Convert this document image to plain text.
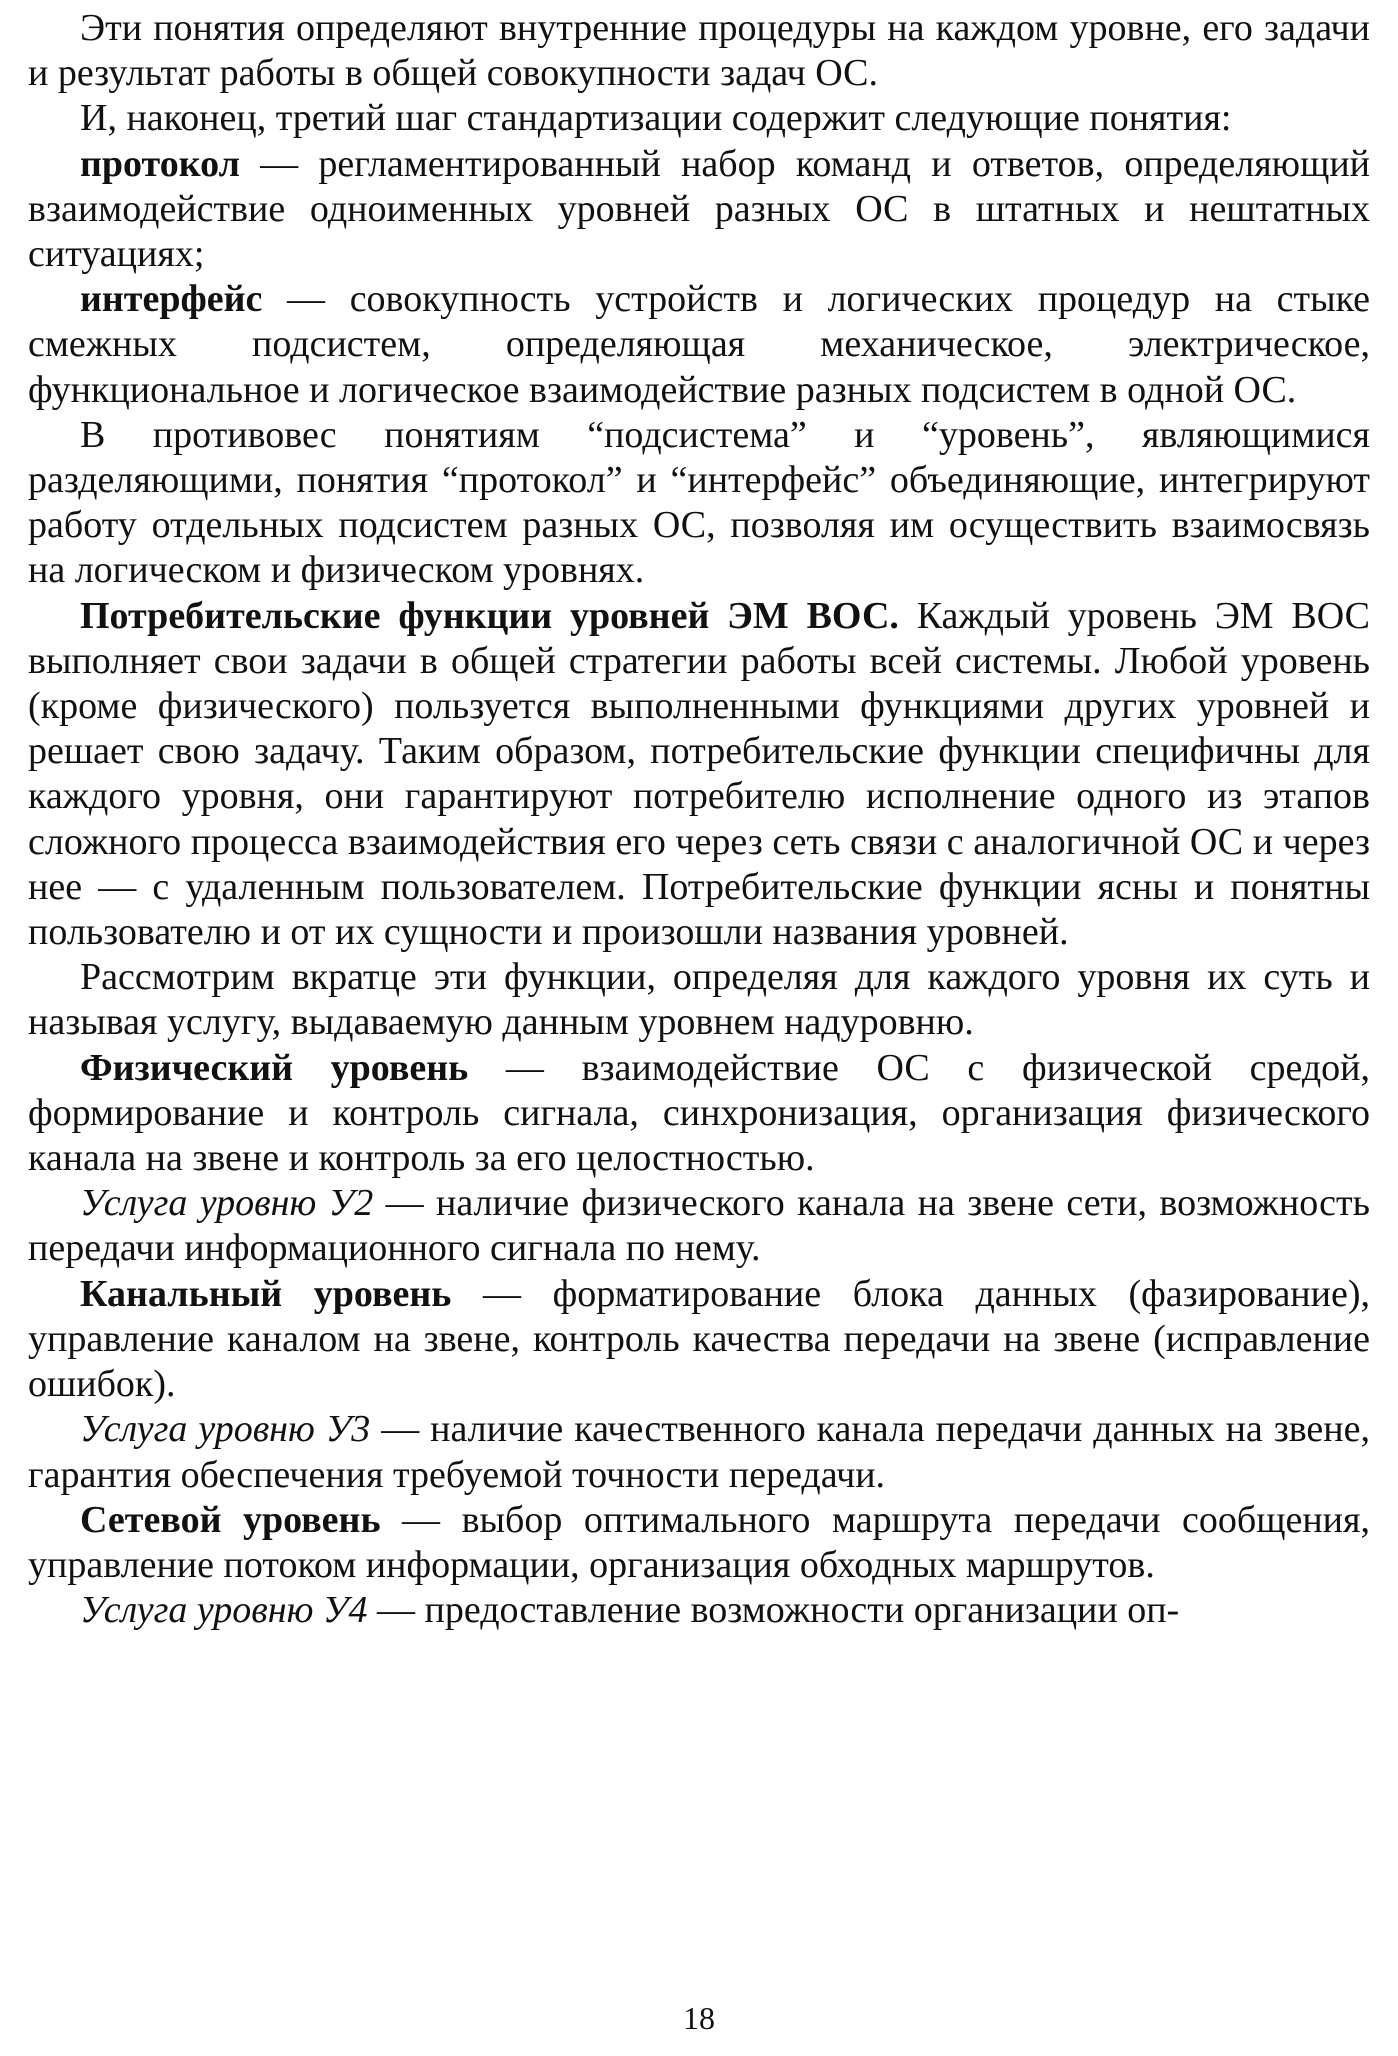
Эти понятия определяют внутренние процедуры на каждом уровне, его задачи и результат работы в общей совокупности задач ОС.

И, наконец, третий шаг стандартизации содержит следующие понятия:

протокол — регламентированный набор команд и ответов, определяющий взаимодействие одноименных уровней разных ОС в штатных и нештатных ситуациях;

интерфейс — совокупность устройств и логических процедур на стыке смежных подсистем, определяющая механическое, электрическое, функциональное и логическое взаимодействие разных подсистем в одной ОС.

В противовес понятиям “подсистема” и “уровень”, являющимися разделяющими, понятия “протокол” и “интерфейс” объединяющие, интегрируют работу отдельных подсистем разных ОС, позволяя им осуществить взаимосвязь на логическом и физическом уровнях.

Потребительские функции уровней ЭМ ВОС. Каждый уровень ЭМ ВОС выполняет свои задачи в общей стратегии работы всей системы. Любой уровень (кроме физического) пользуется выполненными функциями других уровней и решает свою задачу. Таким образом, потребительские функции специфичны для каждого уровня, они гарантируют потребителю исполнение одного из этапов сложного процесса взаимодействия его через сеть связи с аналогичной ОС и через нее — с удаленным пользователем. Потребительские функции ясны и понятны пользователю и от их сущности и произошли названия уровней.

Рассмотрим вкратце эти функции, определяя для каждого уровня их суть и называя услугу, выдаваемую данным уровнем надуровню.

Физический уровень — взаимодействие ОС с физической средой, формирование и контроль сигнала, синхронизация, организация физического канала на звене и контроль за его целостностью.

Услуга уровню У2 — наличие физического канала на звене сети, возможность передачи информационного сигнала по нему.

Канальный уровень — форматирование блока данных (фазирование), управление каналом на звене, контроль качества передачи на звене (исправление ошибок).

Услуга уровню У3 — наличие качественного канала передачи данных на звене, гарантия обеспечения требуемой точности передачи.

Сетевой уровень — выбор оптимального маршрута передачи сообщения, управление потоком информации, организация обходных маршрутов.

Услуга уровню У4 — предоставление возможности организации оп-

18
